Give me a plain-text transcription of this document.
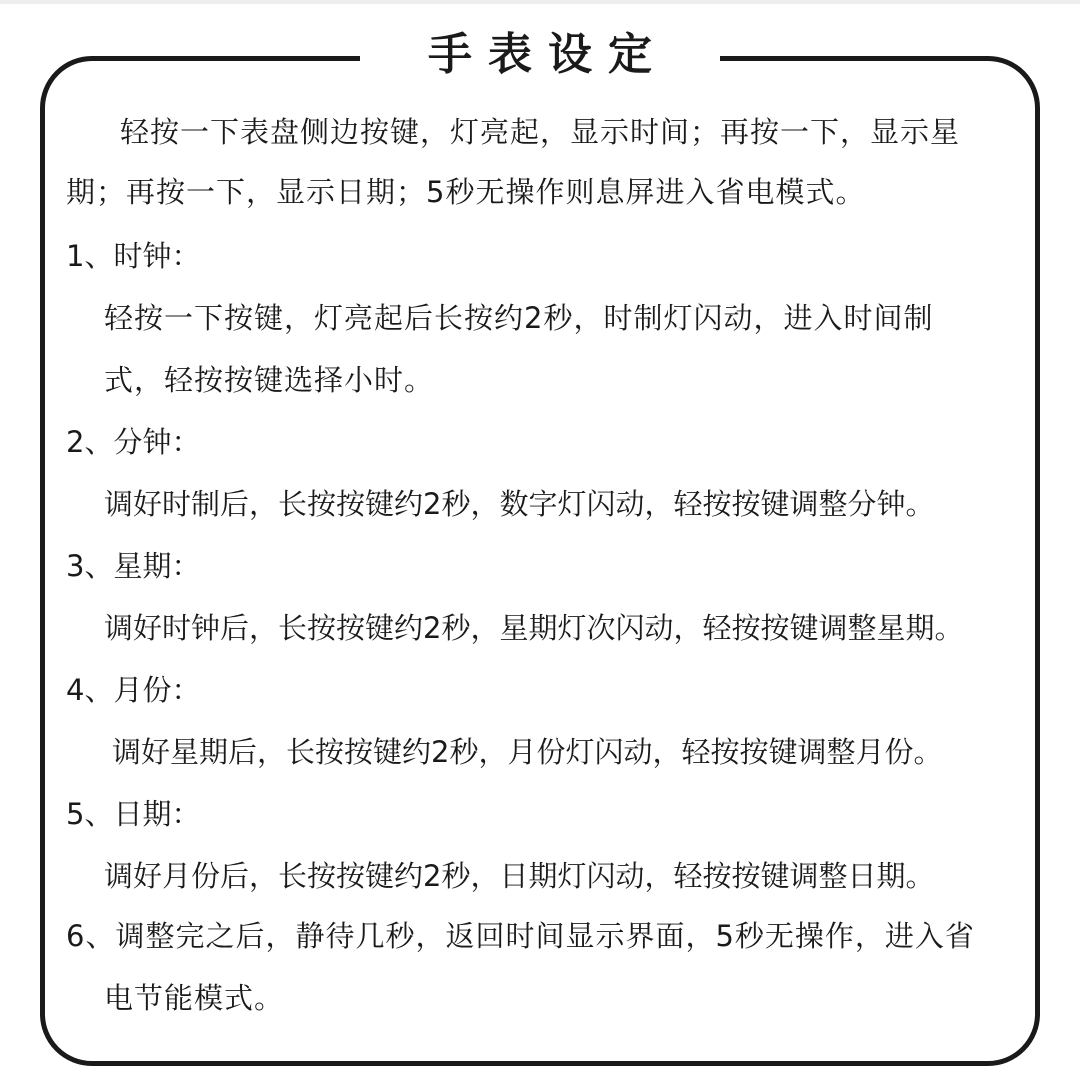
手表设定
轻按一下表盘侧边按键，灯亮起，显示时间；再按一下，显示星
期；再按一下，显示日期；5秒无操作则息屏进入省电模式。
1、时钟：
轻按一下按键，灯亮起后长按约2秒，时制灯闪动，进入时间制
式，轻按按键选择小时。
2、分钟：
调好时制后，长按按键约2秒，数字灯闪动，轻按按键调整分钟。
3、星期：
调好时钟后，长按按键约2秒，星期灯次闪动，轻按按键调整星期。
4、月份：
调好星期后，长按按键约2秒，月份灯闪动，轻按按键调整月份。
5、日期：
调好月份后，长按按键约2秒，日期灯闪动，轻按按键调整日期。
6、调整完之后，静待几秒，返回时间显示界面，5秒无操作，进入省
电节能模式。
